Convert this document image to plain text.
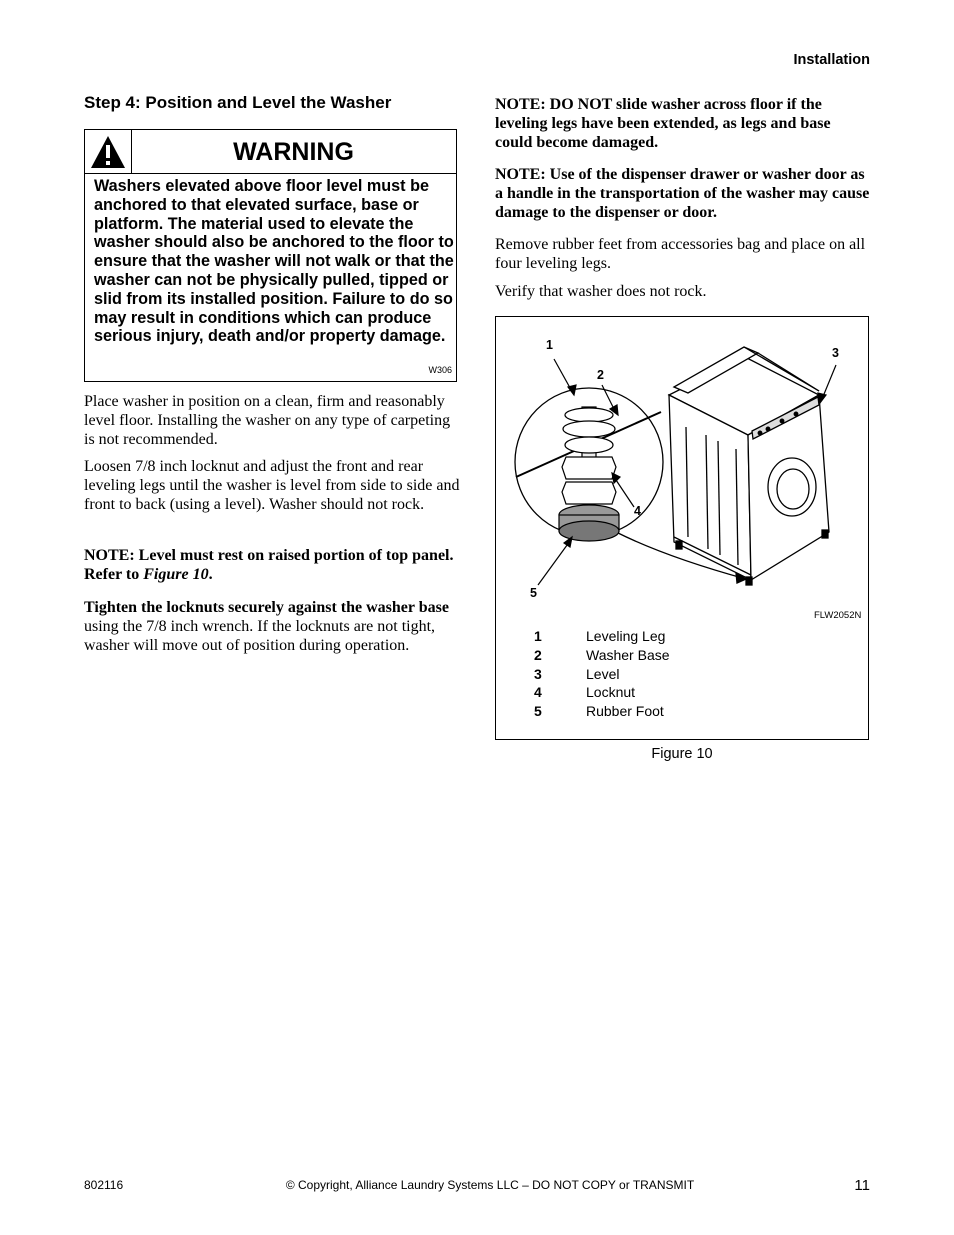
Installation
Step 4: Position and Level the Washer
WARNING
Washers elevated above floor level must be anchored to that elevated surface, base or platform. The material used to elevate the washer should also be anchored to the floor to ensure that the washer will not walk or that the washer can not be physically pulled, tipped or slid from its installed position. Failure to do so may result in conditions which can produce serious injury, death and/or property damage.
W306
Place washer in position on a clean, firm and reasonably level floor. Installing the washer on any type of carpeting is not recommended.
Loosen 7/8 inch locknut and adjust the front and rear leveling legs until the washer is level from side to side and front to back (using a level). Washer should not rock.
NOTE: Level must rest on raised portion of top panel. Refer to Figure 10.
Tighten the locknuts securely against the washer base using the 7/8 inch wrench. If the locknuts are not tight, washer will move out of position during operation.
NOTE: DO NOT slide washer across floor if the leveling legs have been extended, as legs and base could become damaged.
NOTE: Use of the dispenser drawer or washer door as a handle in the transportation of the washer may cause damage to the dispenser or door.
Remove rubber feet from accessories bag and place on all four leveling legs.
Verify that washer does not rock.
1
2
3
4
5
FLW2052N
1	Leveling Leg
2	Washer Base
3	Level
4	Locknut
5	Rubber Foot
Figure 10
802116	© Copyright, Alliance Laundry Systems LLC – DO NOT COPY or TRANSMIT	11
